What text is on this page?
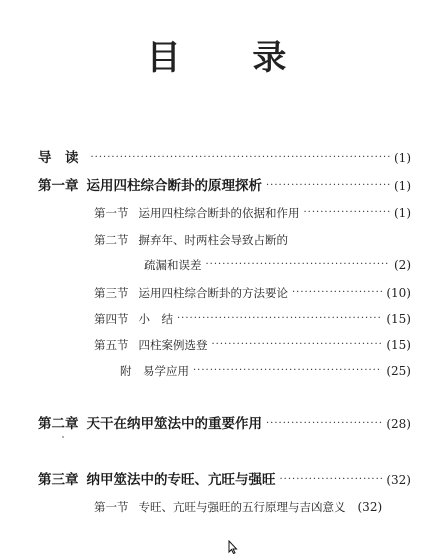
目 录
导　读 ·····	(1)
第一章 运用四柱综合断卦的原理探析 ·····	(1)
第一节 运用四柱综合断卦的依据和作用 ·····	(1)
第二节 摒弃年、时两柱会导致占断的
疏漏和误差 ·····	(2)
第三节 运用四柱综合断卦的方法要论 ·····	(10)
第四节 小　结 ·····	(15)
第五节 四柱案例选登 ·····	(15)
附　易学应用 ·····	(25)
第二章 天干在纳甲筮法中的重要作用 ·····	(28)
第三章 纳甲筮法中的专旺、亢旺与强旺 ·····	(32)
第一节 专旺、亢旺与强旺的五行原理与吉凶意义 (32)
